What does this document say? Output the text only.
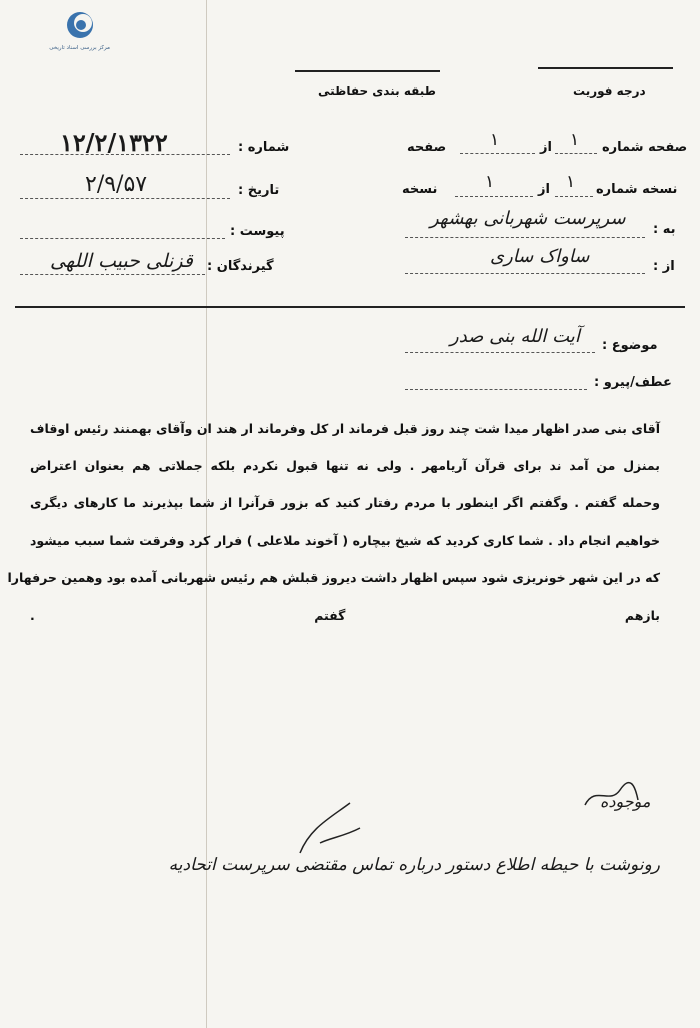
مرکز بررسی اسناد تاریخی
طبقه بندی حفاظتی	درجه فوریت
شماره :
۱۲/۲/۱۳۲۲
تاریخ :
۲/۹/۵۷
پیوست :
گیرندگان :
قزنلی حبیب اللهی
صفحه شماره
۱
از
۱
صفحه
نسخه شماره
۱
از
۱
نسخه
به :
سرپرست شهربانی بهشهر
از :
ساواک ساری
موضوع :
آیت الله بنی صدر
عطف/پیرو :
آقای بنی صدر اظهار میدا شت چند روز قبل فرماند ار کل وفرماند ار هند ان وآقای بهمنند رئیس اوقاف
بمنزل من آمد ند برای قرآن آریامهر . ولی نه تنها قبول نکردم بلکه جملاتی هم بعنوان اعتراض
وحمله گفتم . وگفتم اگر اینطور با مردم رفتار کنید که بزور قرآنرا از شما بپذیرند ما کارهای دیگری
خواهیم انجام داد . شما کاری کردید که شیخ بیچاره ( آخوند ملاعلی ) فرار کرد وفرقت شما سبب میشود
که در این شهر خونریزی شود سپس اظهار داشت دیروز قبلش هم رئیس شهربانی آمده بود وهمین حرفهارا
بازهم گفتم .
موجوده
رونوشت با حیطه اطلاع دستور درباره تماس مقتضی سرپرست اتحادیه
